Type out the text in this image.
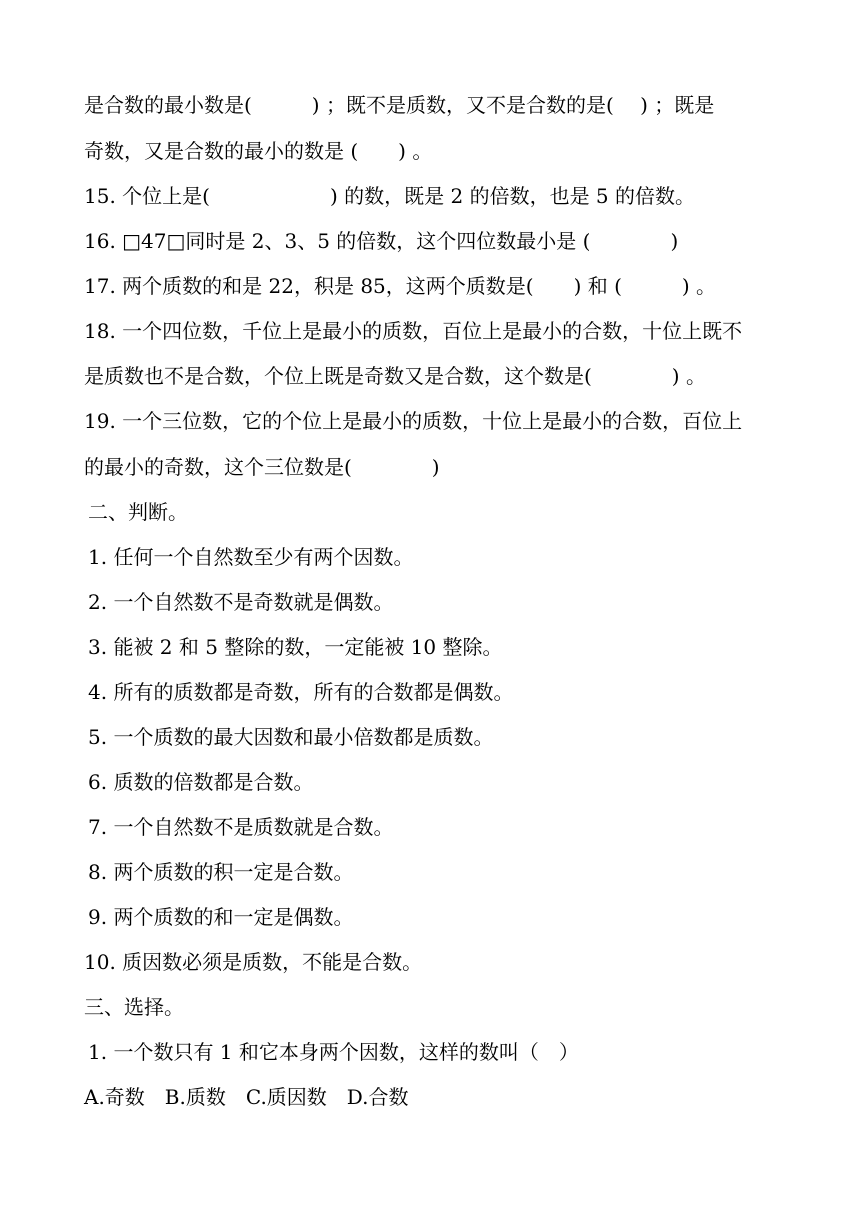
是合数的最小数是(　　　) ；既不是质数，又不是合数的是(　 ) ；既是
奇数，又是合数的最小的数是 (　　) 。
15. 个位上是(　　　　　　) 的数，既是 2 的倍数，也是 5 的倍数。
16. □47□同时是 2、3、5 的倍数，这个四位数最小是 (　　　　)
17. 两个质数的和是 22，积是 85，这两个质数是(　　) 和 (　　　) 。
18. 一个四位数，千位上是最小的质数，百位上是最小的合数，十位上既不
是质数也不是合数，个位上既是奇数又是合数，这个数是(　　　　) 。
19. 一个三位数，它的个位上是最小的质数，十位上是最小的合数，百位上
的最小的奇数，这个三位数是(　　　　)
二、判断。
1. 任何一个自然数至少有两个因数。
2. 一个自然数不是奇数就是偶数。
3. 能被 2 和 5 整除的数，一定能被 10 整除。
4. 所有的质数都是奇数，所有的合数都是偶数。
5. 一个质数的最大因数和最小倍数都是质数。
6. 质数的倍数都是合数。
7. 一个自然数不是质数就是合数。
8. 两个质数的积一定是合数。
9. 两个质数的和一定是偶数。
10. 质因数必须是质数，不能是合数。
三、选择。
1. 一个数只有 1 和它本身两个因数，这样的数叫（　）
A.奇数　B.质数　C.质因数　D.合数
